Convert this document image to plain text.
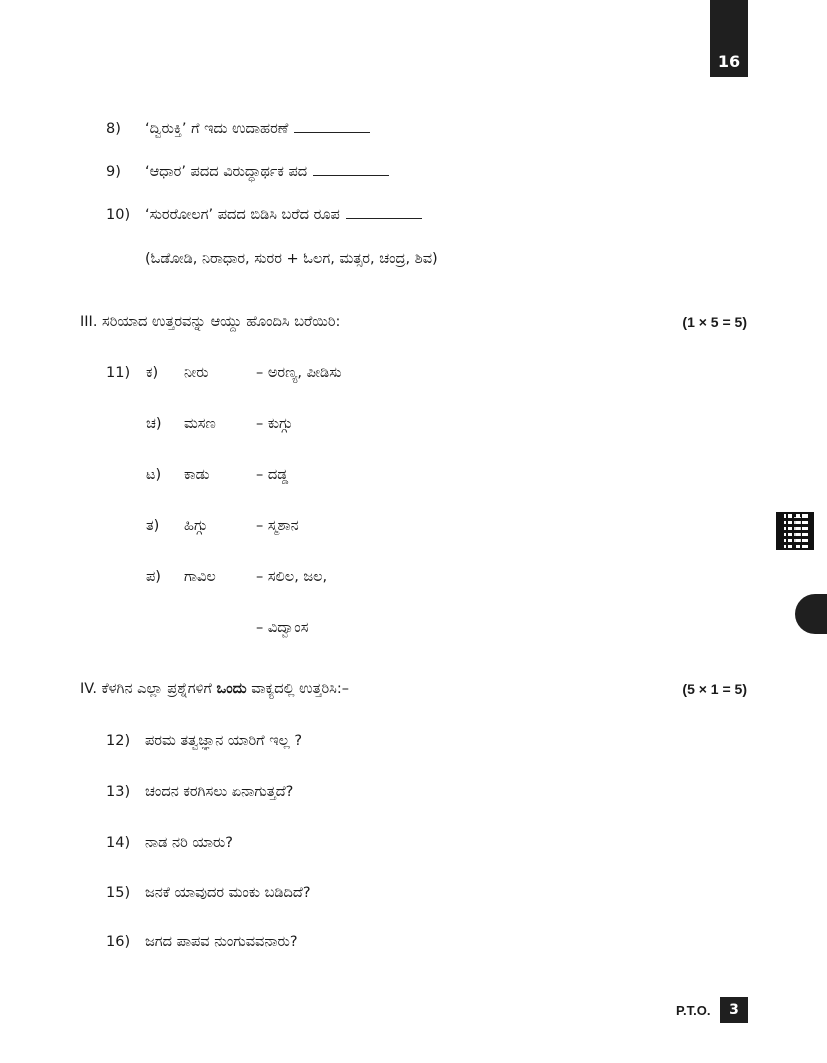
16
8) ‘ದ್ವಿರುಕ್ತಿ’ ಗೆ ಇದು ಉದಾಹರಣೆ
9) ‘ಆಧಾರ’ ಪದದ ವಿರುದ್ಧಾರ್ಥಕ ಪದ
10) ‘ಸುರರೋಲಗ’ ಪದದ ಬಿಡಿಸಿ ಬರೆದ ರೂಪ
(ಓಡೋಡಿ, ನಿರಾಧಾರ, ಸುರರ + ಓಲಗ, ಮತ್ಸರ, ಚಂದ್ರ, ಶಿವ)
III. ಸರಿಯಾದ ಉತ್ತರವನ್ನು ಆಯ್ದು ಹೊಂದಿಸಿ ಬರೆಯಿರಿ:	(1 × 5 = 5)
11) ಕ) ನೀರು	– ಅರಣ್ಯ, ಪೀಡಿಸು
ಚ) ಮಸಣ	– ಕುಗ್ಗು
ಟ) ಕಾಡು	– ದಡ್ಡ
ತ) ಹಿಗ್ಗು	– ಸ್ಮಶಾನ
ಪ) ಗಾವಿಲ	– ಸಲಿಲ, ಜಲ,
– ವಿದ್ವಾಂಸ
IV. ಕೆಳಗಿನ ಎಲ್ಲಾ ಪ್ರಶ್ನೆಗಳಿಗೆ ಒಂದು ವಾಕ್ಯದಲ್ಲಿ ಉತ್ತರಿಸಿ:–	(5 × 1 = 5)
12) ಪರಮ ತತ್ವಜ್ಞಾನ ಯಾರಿಗೆ ಇಲ್ಲ ?
13) ಚಂದನ ಕರಗಿಸಲು ಏನಾಗುತ್ತದೆ?
14) ನಾಡ ನರಿ ಯಾರು?
15) ಜನಕೆ ಯಾವುದರ ಮಂಕು ಬಡಿದಿದೆ?
16) ಜಗದ ಪಾಪವ ನುಂಗುವವನಾರು?
P.T.O. 3
